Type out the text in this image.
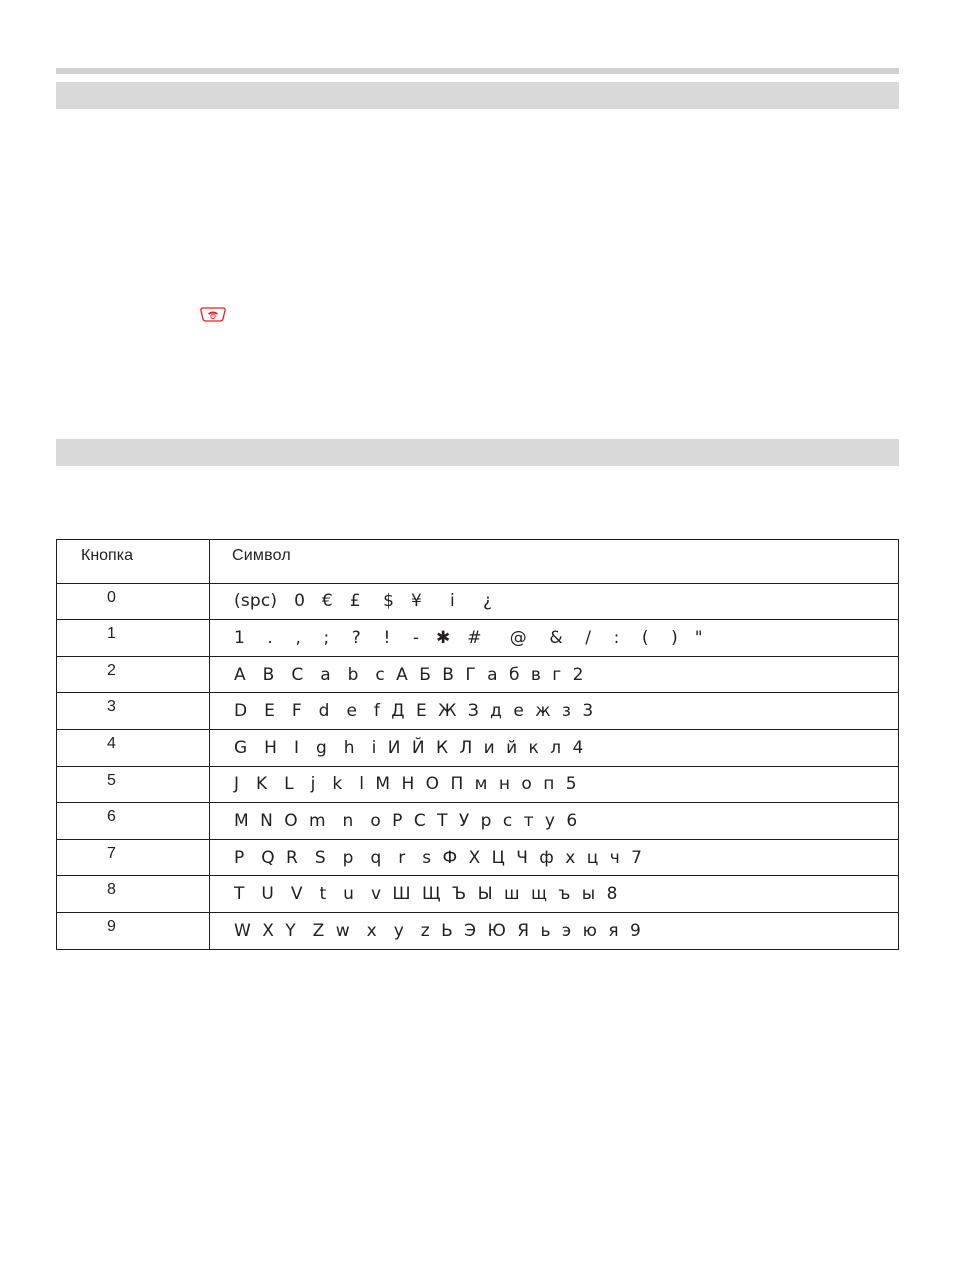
Кнопка	Символ
0	(spc)   0   €   £    $   ¥     i     ¿
1	1    .    ,    ;    ?    !    -   ✱   #     @    &    /    :    (    )   "
2	A   B   C   a   b   c  А  Б  В  Г  а  б  в  г  2
3	D   E   F   d   e   f  Д  Е  Ж  З  д  е  ж  з  3
4	G   H   I   g   h   i  И  Й  К  Л  и  й  к  л  4
5	J   K   L   j   k   l  М  Н  О  П  м  н  о  п  5
6	M  N  O  m   n   o  Р  С  Т  У  р  с  т  у  6
7	P   Q  R   S   p   q   r   s  Ф  Х  Ц  Ч  ф  х  ц  ч  7
8	T   U   V   t   u   v  Ш  Щ  Ъ  Ы  ш  щ  ъ  ы  8
9	W  X  Y   Z  w   x   y   z  Ь  Э  Ю  Я  ь  э  ю  я  9
